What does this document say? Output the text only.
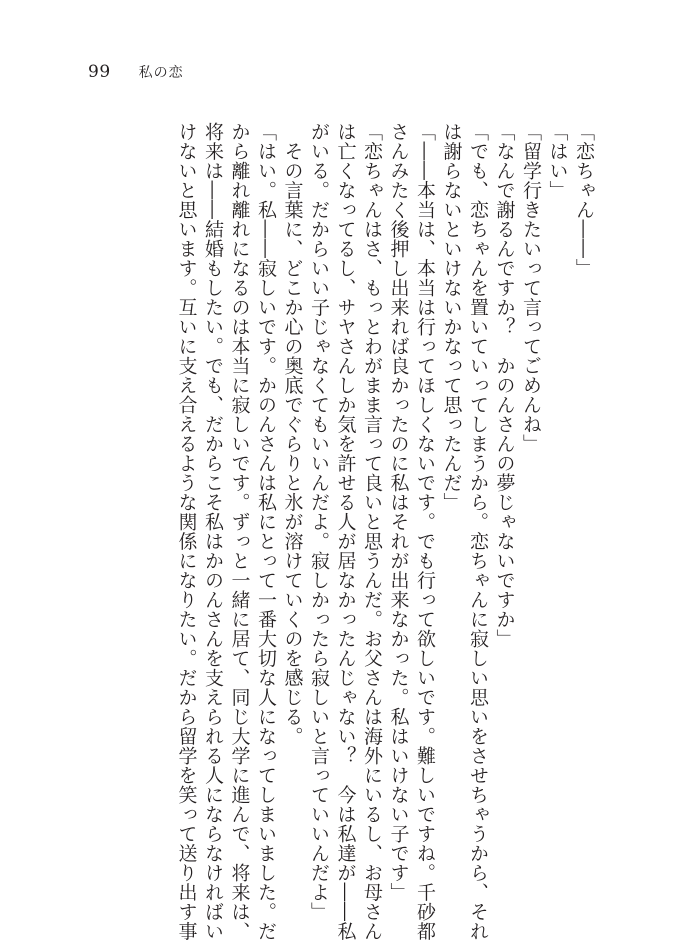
99 私の恋
「恋ちゃん――」
「はい」
「留学行きたいって言ってごめんね」
「なんで謝るんですか？　かのんさんの夢じゃないですか」
「でも、恋ちゃんを置いていってしまうから。恋ちゃんに寂しい思いをさせちゃうから、それ
は謝らないといけないかなって思ったんだ」
「――本当は、本当は行ってほしくないです。でも行って欲しいです。難しいですね。千砂都
さんみたく後押し出来れば良かったのに私はそれが出来なかった。私はいけない子です」
「恋ちゃんはさ、もっとわがまま言って良いと思うんだ。お父さんは海外にいるし、お母さん
は亡くなってるし、サヤさんしか気を許せる人が居なかったんじゃない？　今は私達が――私
がいる。だからいい子じゃなくてもいいんだよ。寂しかったら寂しいと言っていいんだよ」
　その言葉に、どこか心の奥底でぐらりと氷が溶けていくのを感じる。
「はい。私――寂しいです。かのんさんは私にとって一番大切な人になってしまいました。だ
から離れ離れになるのは本当に寂しいです。ずっと一緒に居て、同じ大学に進んで、将来は、
将来は――結婚もしたい。でも、だからこそ私はかのんさんを支えられる人にならなければい
けないと思います。互いに支え合えるような関係になりたい。だから留学を笑って送り出す事
